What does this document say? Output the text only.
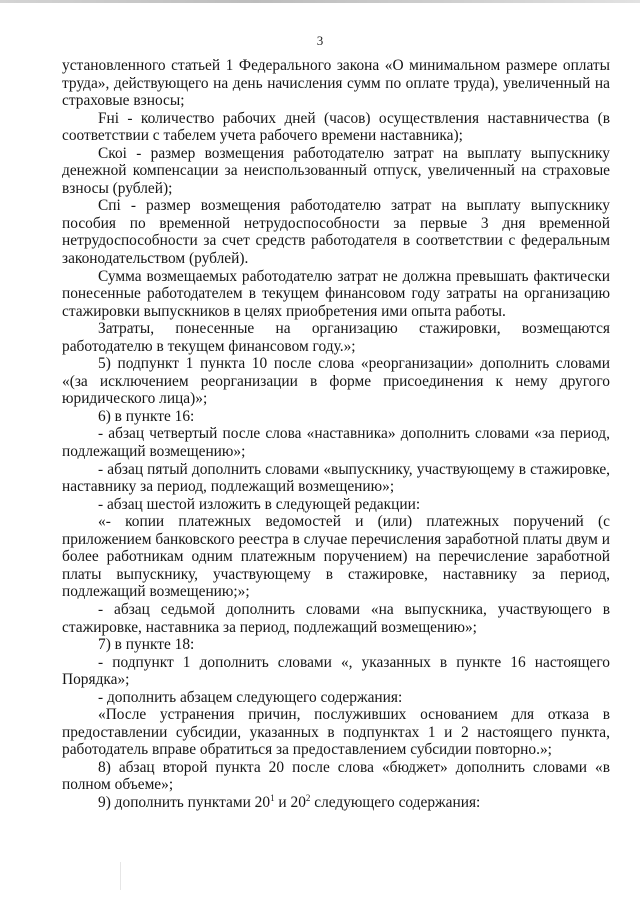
3

установленного статьей 1 Федерального закона «О минимальном размере оплаты труда», действующего на день начисления сумм по оплате труда), увеличенный на страховые взносы;

Fнi - количество рабочих дней (часов) осуществления наставничества (в соответствии с табелем учета рабочего времени наставника);

Скоi - размер возмещения работодателю затрат на выплату выпускнику денежной компенсации за неиспользованный отпуск, увеличенный на страховые взносы (рублей);

Спi - размер возмещения работодателю затрат на выплату выпускнику пособия по временной нетрудоспособности за первые 3 дня временной нетрудоспособности за счет средств работодателя в соответствии с федеральным законодательством (рублей).

Сумма возмещаемых работодателю затрат не должна превышать фактически понесенные работодателем в текущем финансовом году затраты на организацию стажировки выпускников в целях приобретения ими опыта работы.

Затраты, понесенные на организацию стажировки, возмещаются работодателю в текущем финансовом году.»;

5) подпункт 1 пункта 10 после слова «реорганизации» дополнить словами «(за исключением реорганизации в форме присоединения к нему другого юридического лица)»;

6) в пункте 16:

- абзац четвертый после слова «наставника» дополнить словами «за период, подлежащий возмещению»;

- абзац пятый дополнить словами «выпускнику, участвующему в стажировке, наставнику за период, подлежащий возмещению»;

- абзац шестой изложить в следующей редакции:

«- копии платежных ведомостей и (или) платежных поручений (с приложением банковского реестра в случае перечисления заработной платы двум и более работникам одним платежным поручением) на перечисление заработной платы выпускнику, участвующему в стажировке, наставнику за период, подлежащий возмещению;»;

- абзац седьмой дополнить словами «на выпускника, участвующего в стажировке, наставника за период, подлежащий возмещению»;

7) в пункте 18:

- подпункт 1 дополнить словами «, указанных в пункте 16 настоящего Порядка»;

- дополнить абзацем следующего содержания:

«После устранения причин, послуживших основанием для отказа в предоставлении субсидии, указанных в подпунктах 1 и 2 настоящего пункта, работодатель вправе обратиться за предоставлением субсидии повторно.»;

8) абзац второй пункта 20 после слова «бюджет» дополнить словами «в полном объеме»;

9) дополнить пунктами $20^1$ и $20^2$ следующего содержания:
